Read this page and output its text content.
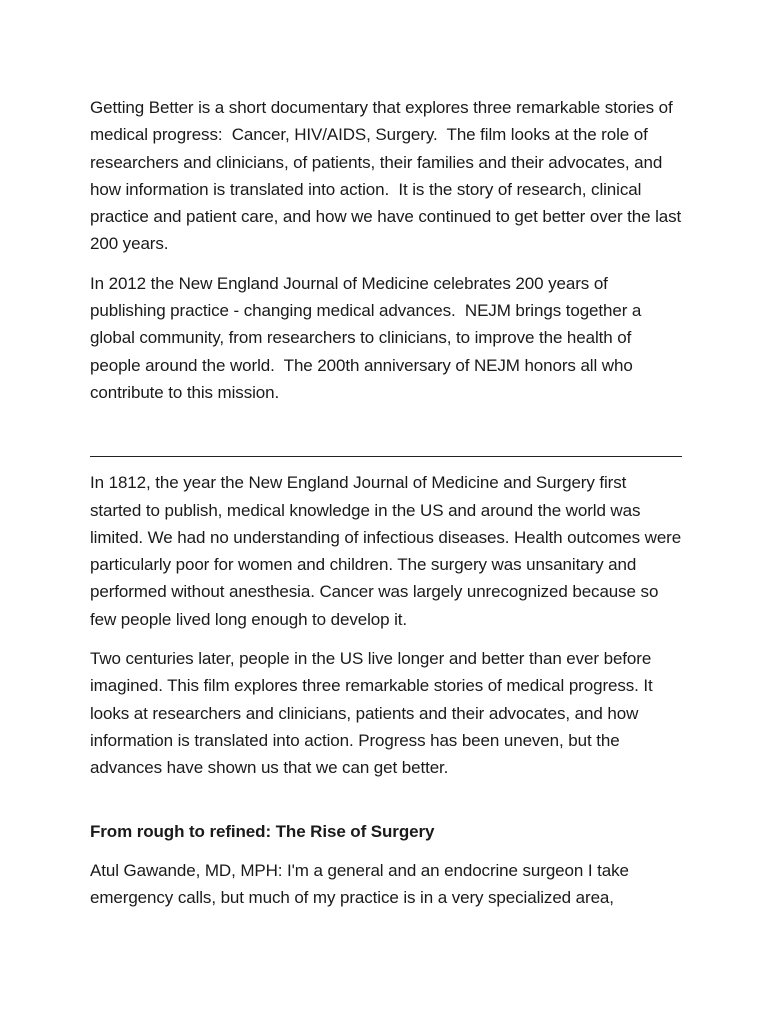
Getting Better is a short documentary that explores three remarkable stories of medical progress:  Cancer, HIV/AIDS, Surgery.  The film looks at the role of researchers and clinicians, of patients, their families and their advocates, and how information is translated into action.  It is the story of research, clinical practice and patient care, and how we have continued to get better over the last 200 years.

In 2012 the New England Journal of Medicine celebrates 200 years of publishing practice - changing medical advances.  NEJM brings together a global community, from researchers to clinicians, to improve the health of people around the world.  The 200th anniversary of NEJM honors all who contribute to this mission.

In 1812, the year the New England Journal of Medicine and Surgery first started to publish, medical knowledge in the US and around the world was limited. We had no understanding of infectious diseases. Health outcomes were particularly poor for women and children. The surgery was unsanitary and performed without anesthesia. Cancer was largely unrecognized because so few people lived long enough to develop it.

Two centuries later, people in the US live longer and better than ever before imagined. This film explores three remarkable stories of medical progress. It looks at researchers and clinicians, patients and their advocates, and how information is translated into action. Progress has been uneven, but the advances have shown us that we can get better.

From rough to refined: The Rise of Surgery

Atul Gawande, MD, MPH: I'm a general and an endocrine surgeon I take emergency calls, but much of my practice is in a very specialized area,
